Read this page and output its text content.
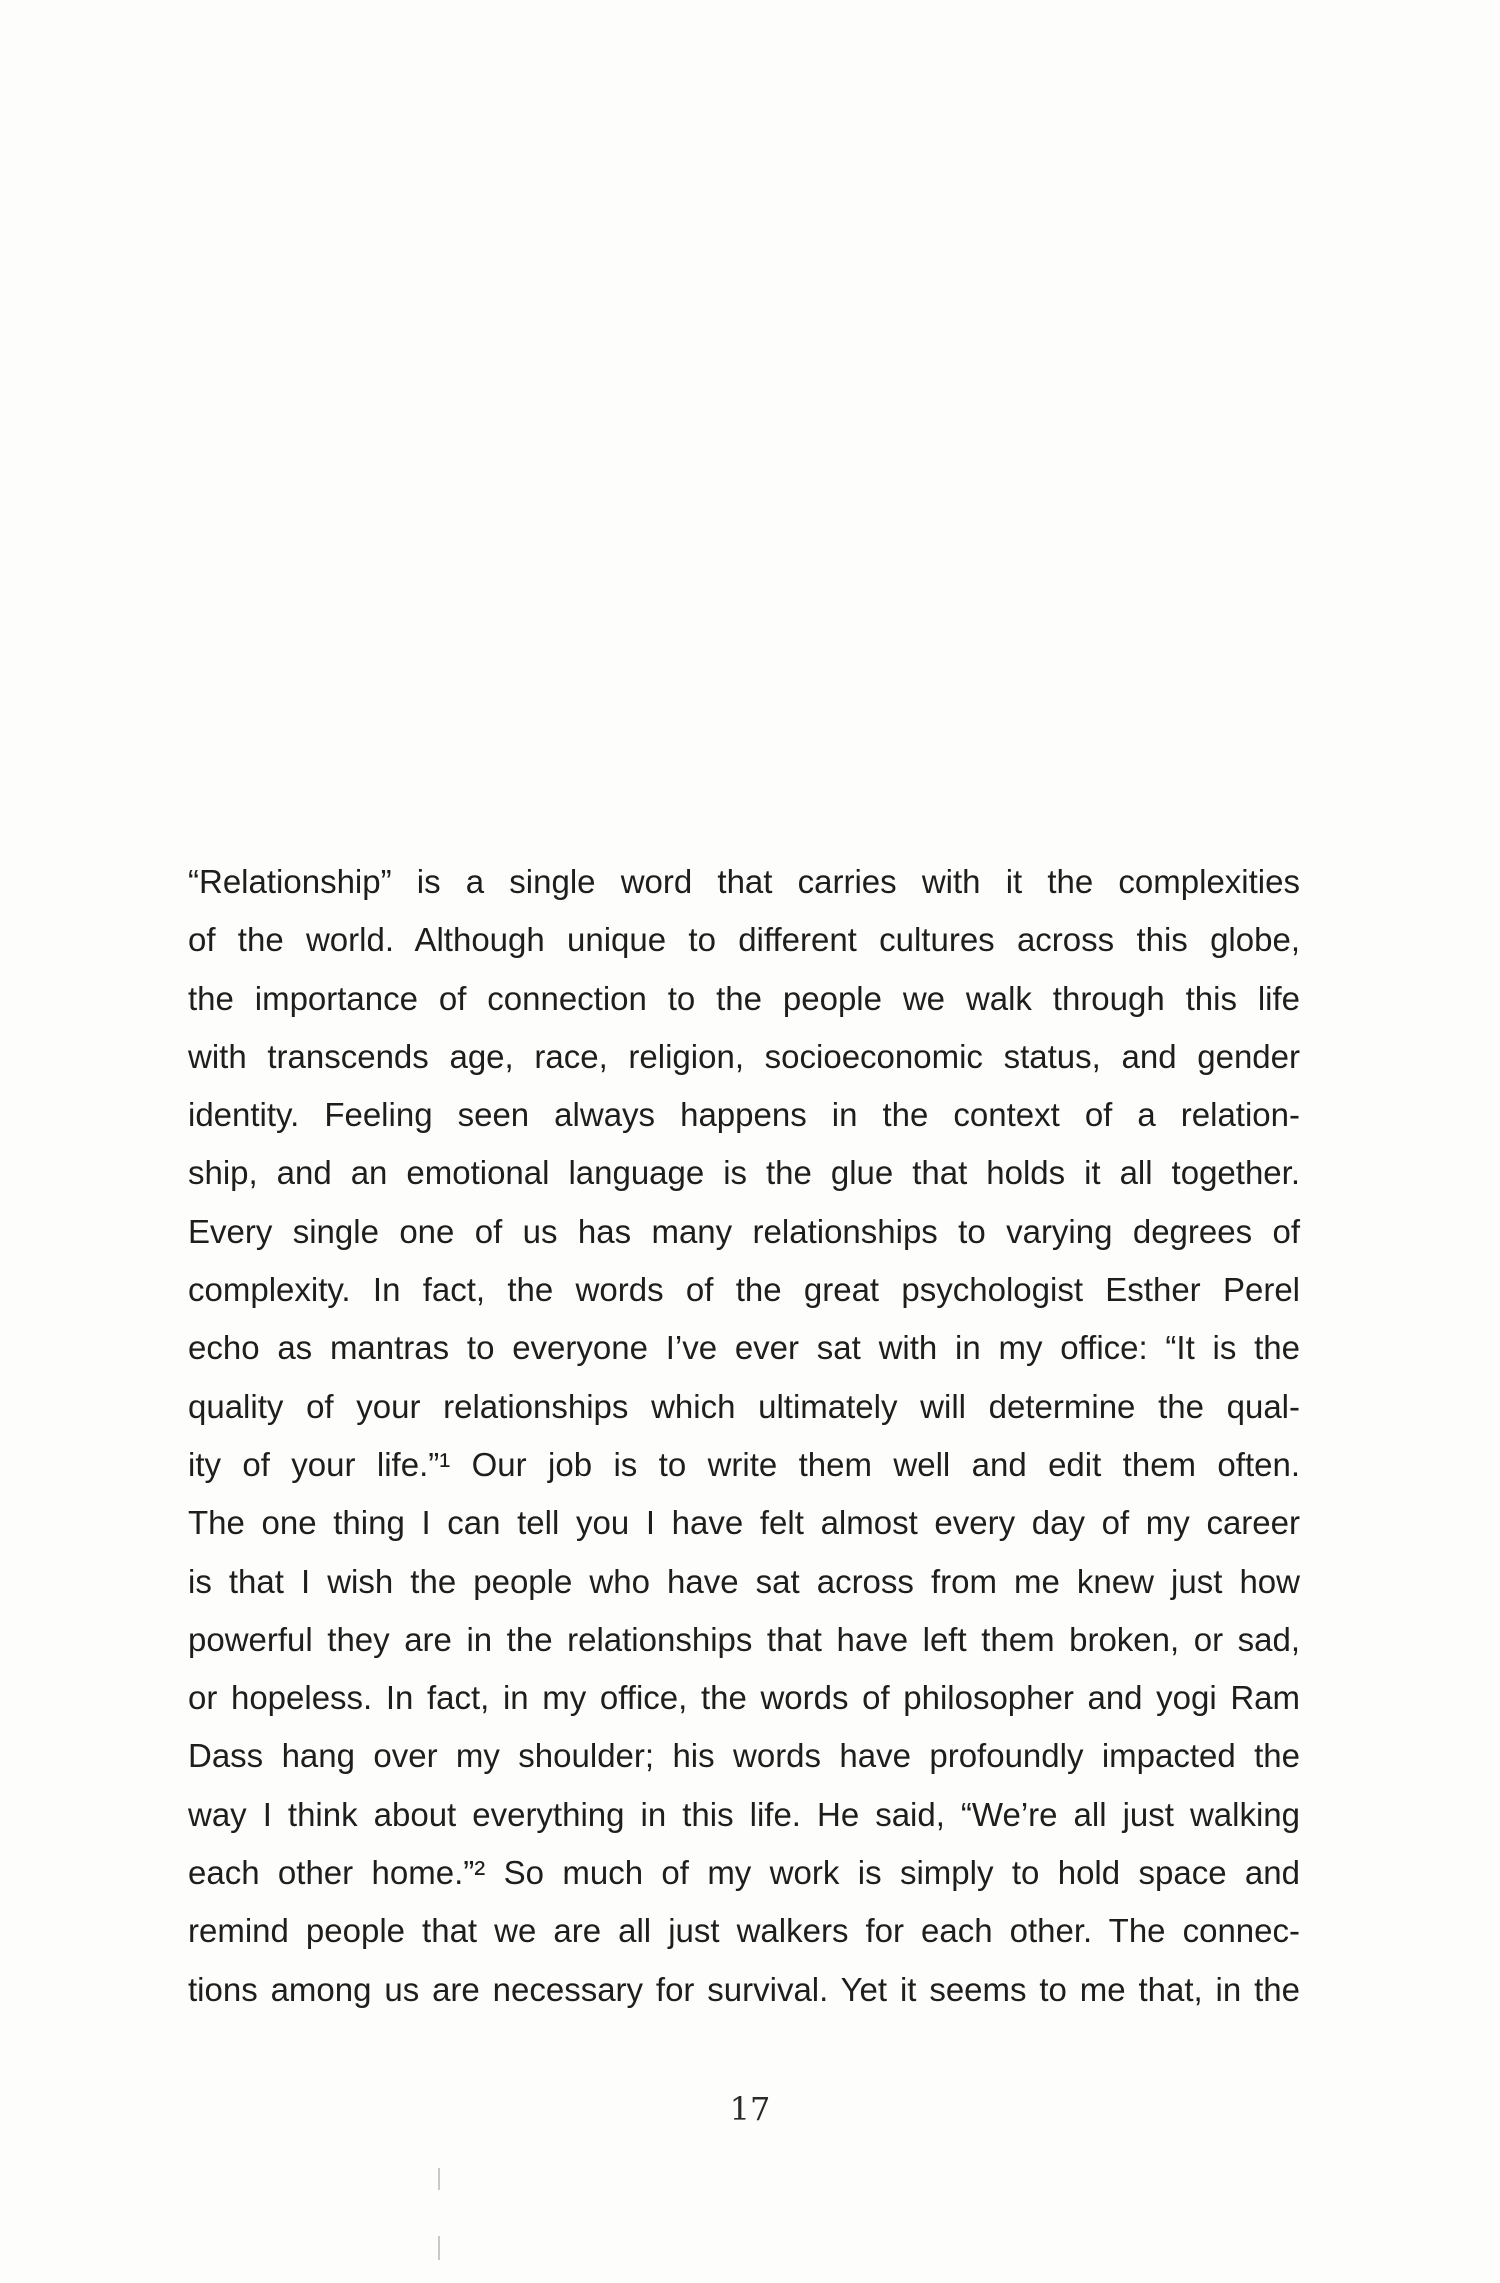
“Relationship” is a single word that carries with it the complexities
of the world. Although unique to different cultures across this globe,
the importance of connection to the people we walk through this life
with transcends age, race, religion, socioeconomic status, and gender
identity. Feeling seen always happens in the context of a relation-
ship, and an emotional language is the glue that holds it all together.
Every single one of us has many relationships to varying degrees of
complexity. In fact, the words of the great psychologist Esther Perel
echo as mantras to everyone I’ve ever sat with in my office: “It is the
quality of your relationships which ultimately will determine the qual-
ity of your life.”¹ Our job is to write them well and edit them often.
The one thing I can tell you I have felt almost every day of my career
is that I wish the people who have sat across from me knew just how
powerful they are in the relationships that have left them broken, or sad,
or hopeless. In fact, in my office, the words of philosopher and yogi Ram
Dass hang over my shoulder; his words have profoundly impacted the
way I think about everything in this life. He said, “We’re all just walking
each other home.”² So much of my work is simply to hold space and
remind people that we are all just walkers for each other. The connec-
tions among us are necessary for survival. Yet it seems to me that, in the
17
